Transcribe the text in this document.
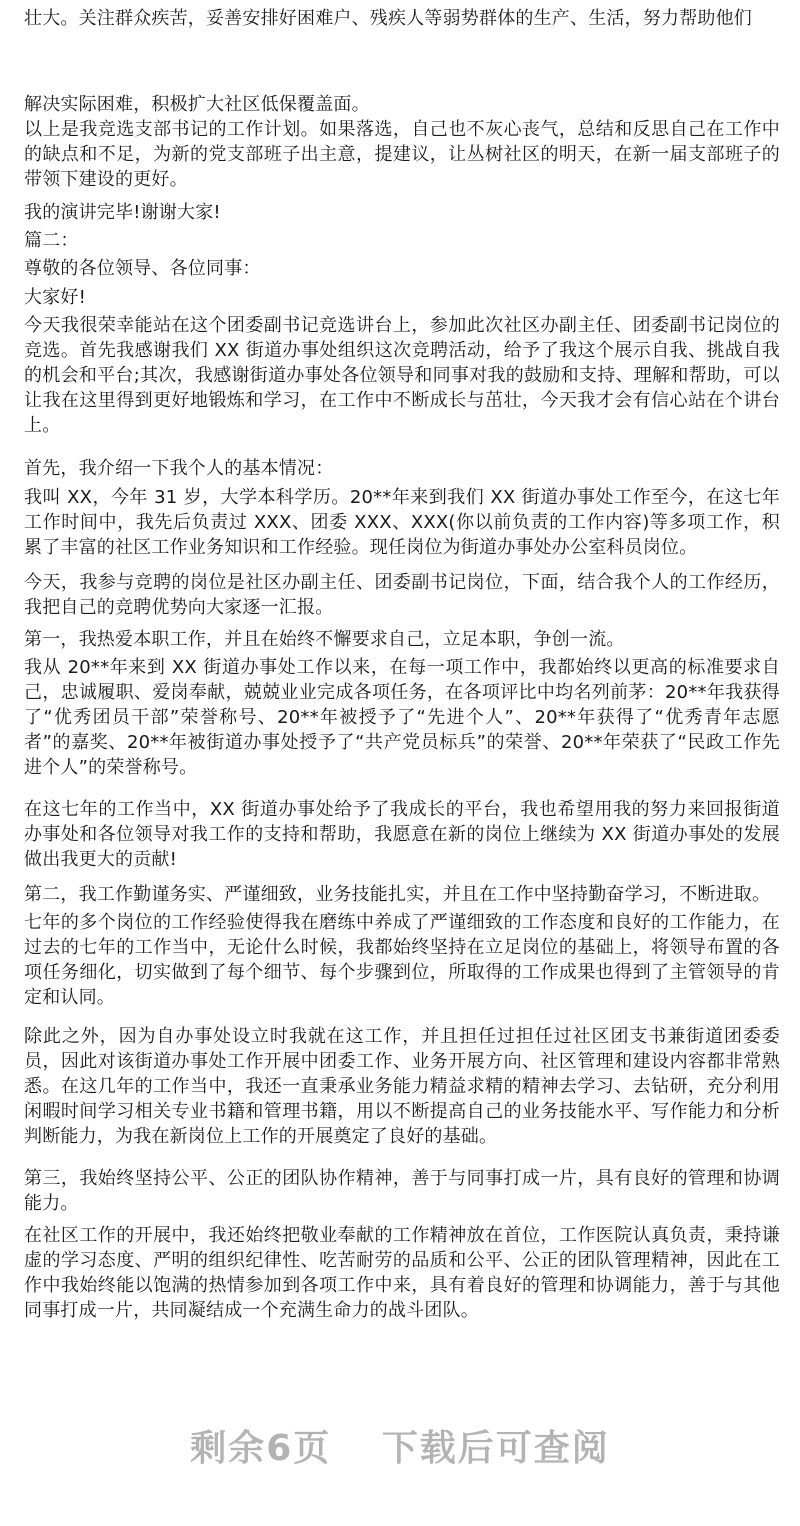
壮大。关注群众疾苦，妥善安排好困难户、残疾人等弱势群体的生产、生活，努力帮助他们
解决实际困难，积极扩大社区低保覆盖面。

以上是我竞选支部书记的工作计划。如果落选，自己也不灰心丧气，总结和反思自己在工作中的缺点和不足，为新的党支部班子出主意，提建议，让丛树社区的明天，在新一届支部班子的带领下建设的更好。

我的演讲完毕!谢谢大家!

篇二：

尊敬的各位领导、各位同事：

大家好!

今天我很荣幸能站在这个团委副书记竞选讲台上，参加此次社区办副主任、团委副书记岗位的竞选。首先我感谢我们 XX 街道办事处组织这次竞聘活动，给予了我这个展示自我、挑战自我的机会和平台;其次，我感谢街道办事处各位领导和同事对我的鼓励和支持、理解和帮助，可以让我在这里得到更好地锻炼和学习，在工作中不断成长与茁壮，今天我才会有信心站在个讲台上。

首先，我介绍一下我个人的基本情况：

我叫 XX，今年 31 岁，大学本科学历。20**年来到我们 XX 街道办事处工作至今，在这七年工作时间中，我先后负责过 XXX、团委 XXX、XXX(你以前负责的工作内容)等多项工作，积累了丰富的社区工作业务知识和工作经验。现任岗位为街道办事处办公室科员岗位。

今天，我参与竞聘的岗位是社区办副主任、团委副书记岗位，下面，结合我个人的工作经历，我把自己的竞聘优势向大家逐一汇报。

第一，我热爱本职工作，并且在始终不懈要求自己，立足本职，争创一流。

我从 20**年来到 XX 街道办事处工作以来，在每一项工作中，我都始终以更高的标准要求自己，忠诚履职、爱岗奉献，兢兢业业完成各项任务，在各项评比中均名列前茅：20**年我获得了“优秀团员干部”荣誉称号、20**年被授予了“先进个人”、20**年获得了“优秀青年志愿者”的嘉奖、20**年被街道办事处授予了“共产党员标兵”的荣誉、20**年荣获了“民政工作先进个人”的荣誉称号。

在这七年的工作当中，XX 街道办事处给予了我成长的平台，我也希望用我的努力来回报街道办事处和各位领导对我工作的支持和帮助，我愿意在新的岗位上继续为 XX 街道办事处的发展做出我更大的贡献!

第二，我工作勤谨务实、严谨细致，业务技能扎实，并且在工作中坚持勤奋学习，不断进取。

七年的多个岗位的工作经验使得我在磨练中养成了严谨细致的工作态度和良好的工作能力，在过去的七年的工作当中，无论什么时候，我都始终坚持在立足岗位的基础上，将领导布置的各项任务细化，切实做到了每个细节、每个步骤到位，所取得的工作成果也得到了主管领导的肯定和认同。

除此之外，因为自办事处设立时我就在这工作，并且担任过担任过社区团支书兼街道团委委员，因此对该街道办事处工作开展中团委工作、业务开展方向、社区管理和建设内容都非常熟悉。在这几年的工作当中，我还一直秉承业务能力精益求精的精神去学习、去钻研，充分利用闲暇时间学习相关专业书籍和管理书籍，用以不断提高自己的业务技能水平、写作能力和分析判断能力，为我在新岗位上工作的开展奠定了良好的基础。

第三，我始终坚持公平、公正的团队协作精神，善于与同事打成一片，具有良好的管理和协调能力。

在社区工作的开展中，我还始终把敬业奉献的工作精神放在首位，工作医院认真负责，秉持谦虚的学习态度、严明的组织纪律性、吃苦耐劳的品质和公平、公正的团队管理精神，因此在工作中我始终能以饱满的热情参加到各项工作中来，具有着良好的管理和协调能力，善于与其他同事打成一片，共同凝结成一个充满生命力的战斗团队。

剩余6页 下载后可查阅
